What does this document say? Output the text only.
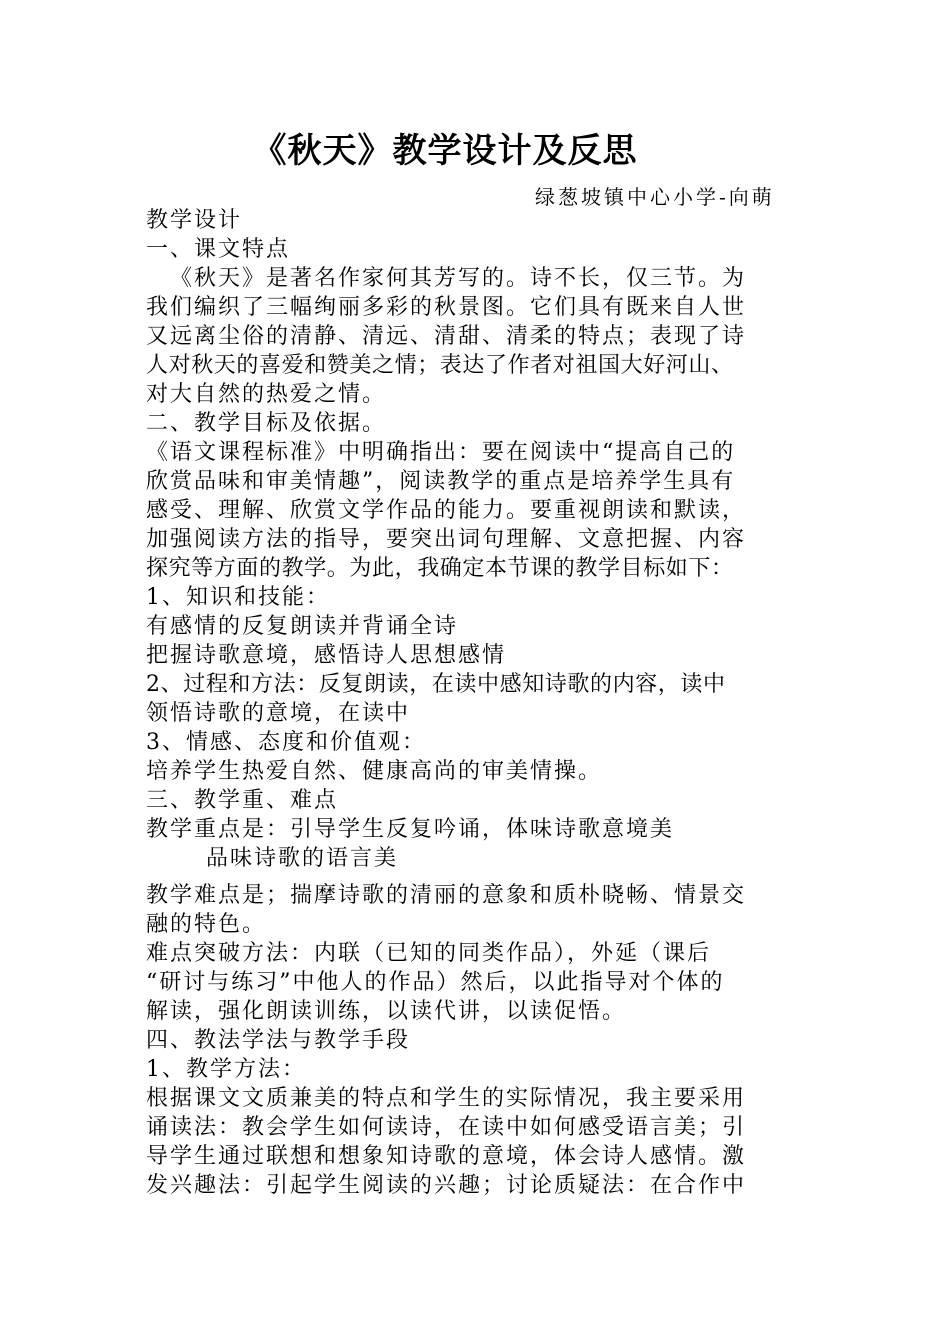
《秋天》教学设计及反思
绿葱坡镇中心小学-向萌
教学设计
一、课文特点
《秋天》是著名作家何其芳写的。诗不长，仅三节。为
我们编织了三幅绚丽多彩的秋景图。它们具有既来自人世
又远离尘俗的清静、清远、清甜、清柔的特点；表现了诗
人对秋天的喜爱和赞美之情；表达了作者对祖国大好河山、
对大自然的热爱之情。
二、教学目标及依据。
《语文课程标准》中明确指出：要在阅读中“提高自己的
欣赏品味和审美情趣”，阅读教学的重点是培养学生具有
感受、理解、欣赏文学作品的能力。要重视朗读和默读，
加强阅读方法的指导，要突出词句理解、文意把握、内容
探究等方面的教学。为此，我确定本节课的教学目标如下：
1、知识和技能：
有感情的反复朗读并背诵全诗
把握诗歌意境，感悟诗人思想感情
2、过程和方法：反复朗读，在读中感知诗歌的内容，读中
领悟诗歌的意境，在读中
3、情感、态度和价值观：
培养学生热爱自然、健康高尚的审美情操。
三、教学重、难点
教学重点是：引导学生反复吟诵，体味诗歌意境美
品味诗歌的语言美
教学难点是；揣摩诗歌的清丽的意象和质朴晓畅、情景交
融的特色。
难点突破方法：内联（已知的同类作品），外延（课后
“研讨与练习”中他人的作品）然后，以此指导对个体的
解读，强化朗读训练，以读代讲，以读促悟。
四、教法学法与教学手段
1、教学方法：
根据课文文质兼美的特点和学生的实际情况，我主要采用
诵读法：教会学生如何读诗，在读中如何感受语言美；引
导学生通过联想和想象知诗歌的意境，体会诗人感情。激
发兴趣法：引起学生阅读的兴趣；讨论质疑法：在合作中
